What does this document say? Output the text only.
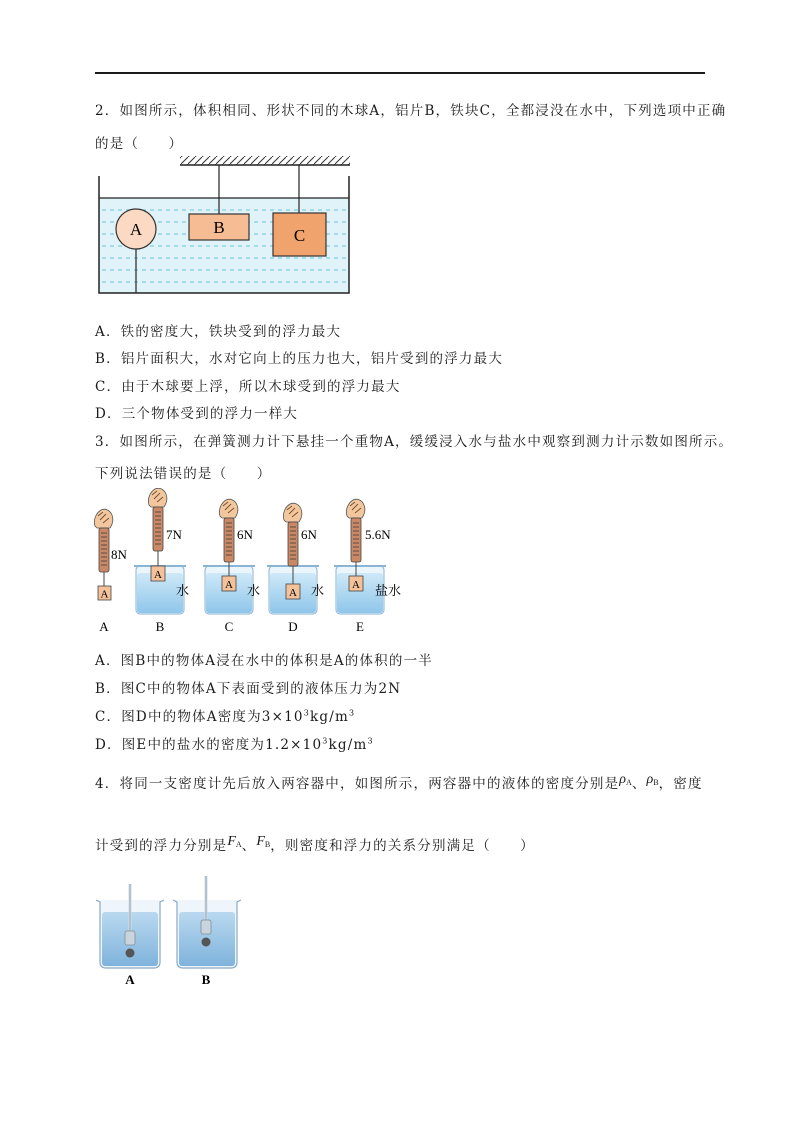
2．如图所示，体积相同、形状不同的木球A，铝片B，铁块C，全都浸没在水中，下列选项中正确
的是（　　）
A	B	C
A．铁的密度大，铁块受到的浮力最大
B．铝片面积大，水对它向上的压力也大，铝片受到的浮力最大
C．由于木球要上浮，所以木球受到的浮力最大
D．三个物体受到的浮力一样大
3．如图所示，在弹簧测力计下悬挂一个重物A，缓缓浸入水与盐水中观察到测力计示数如图所示。
下列说法错误的是（　　）
A
8N
A
A
7N
水
B
A
6N
水
C
A
6N
水
D
A
5.6N
盐水
E
A．图B中的物体A浸在水中的体积是A的体积的一半
B．图C中的物体A下表面受到的液体压力为2N
C．图D中的物体A密度为$3\times 10^3kg/m^3$
D．图E中的盐水的密度为$1.2\times 10^3kg/m^3$
4．将同一支密度计先后放入两容器中，如图所示，两容器中的液体的密度分别是$\rho_A$、$\rho_B$，密度
计受到的浮力分别是$F_A$、$F_B$，则密度和浮力的关系分别满足（　　）
A	B
